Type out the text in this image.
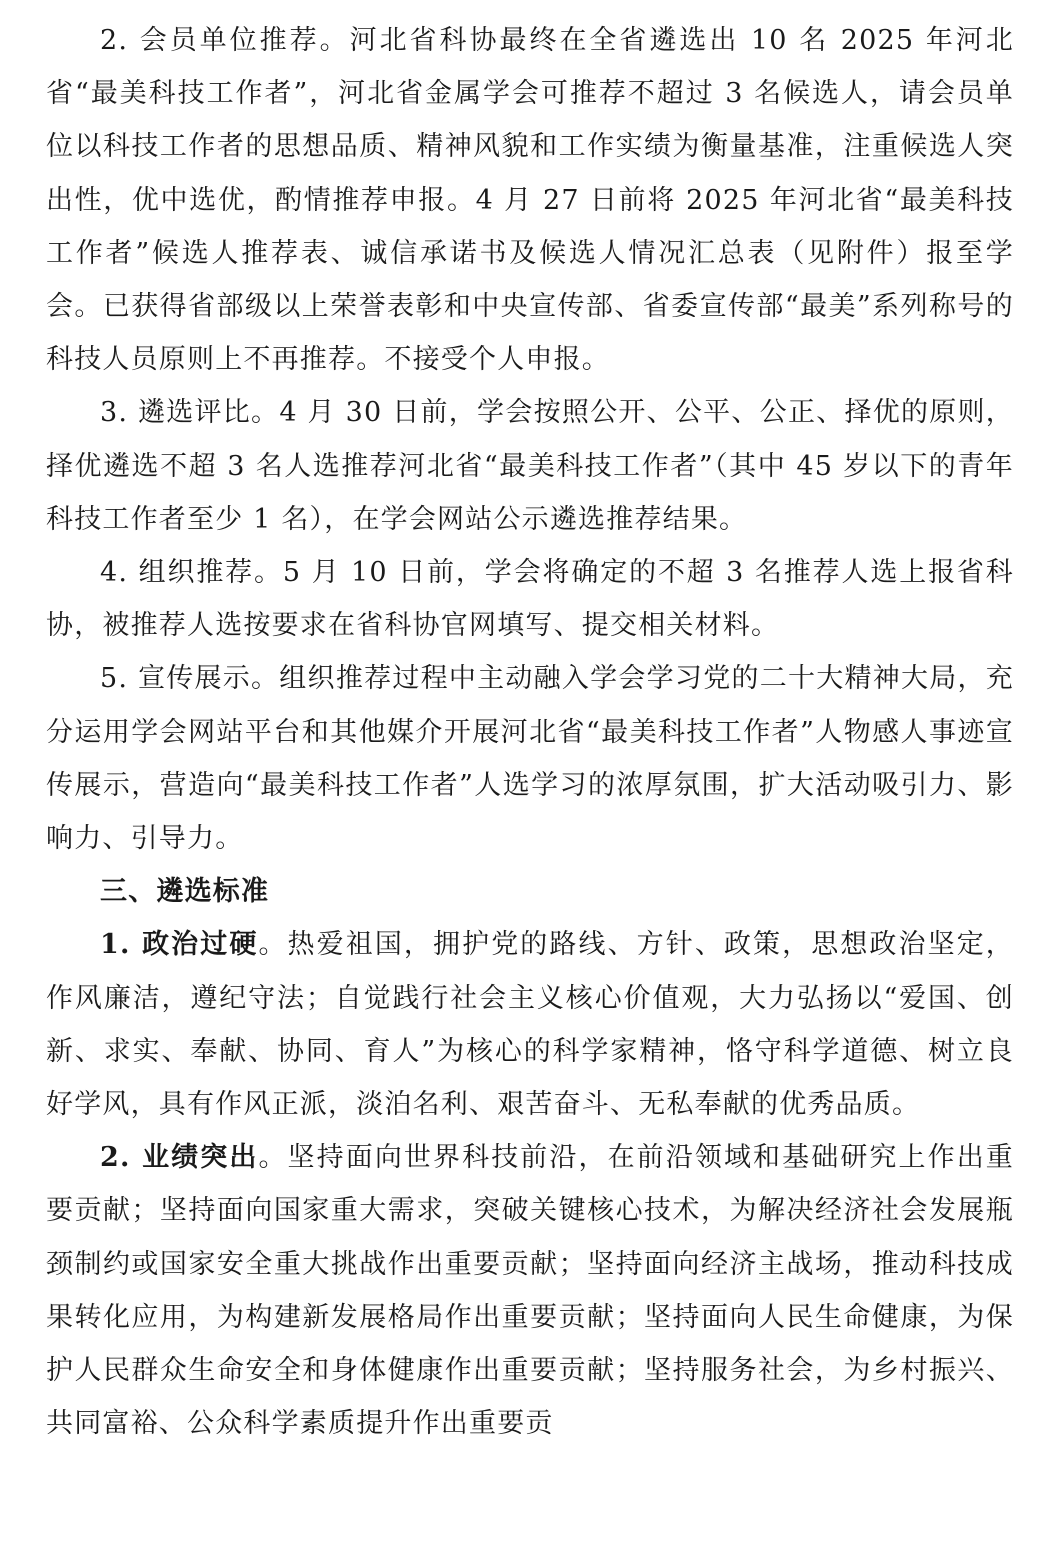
2. 会员单位推荐。河北省科协最终在全省遴选出 10 名 2025 年河北省“最美科技工作者”，河北省金属学会可推荐不超过 3 名候选人，请会员单位以科技工作者的思想品质、精神风貌和工作实绩为衡量基准，注重候选人突出性，优中选优，酌情推荐申报。4 月 27 日前将 2025 年河北省“最美科技工作者”候选人推荐表、诚信承诺书及候选人情况汇总表（见附件）报至学会。已获得省部级以上荣誉表彰和中央宣传部、省委宣传部“最美”系列称号的科技人员原则上不再推荐。不接受个人申报。

3. 遴选评比。4 月 30 日前，学会按照公开、公平、公正、择优的原则，择优遴选不超 3 名人选推荐河北省“最美科技工作者”（其中 45 岁以下的青年科技工作者至少 1 名），在学会网站公示遴选推荐结果。

4. 组织推荐。5 月 10 日前，学会将确定的不超 3 名推荐人选上报省科协，被推荐人选按要求在省科协官网填写、提交相关材料。

5. 宣传展示。组织推荐过程中主动融入学会学习党的二十大精神大局，充分运用学会网站平台和其他媒介开展河北省“最美科技工作者”人物感人事迹宣传展示，营造向“最美科技工作者”人选学习的浓厚氛围，扩大活动吸引力、影响力、引导力。

三、遴选标准

1. 政治过硬。热爱祖国，拥护党的路线、方针、政策，思想政治坚定，作风廉洁，遵纪守法；自觉践行社会主义核心价值观，大力弘扬以“爱国、创新、求实、奉献、协同、育人”为核心的科学家精神，恪守科学道德、树立良好学风，具有作风正派，淡泊名利、艰苦奋斗、无私奉献的优秀品质。

2. 业绩突出。坚持面向世界科技前沿，在前沿领域和基础研究上作出重要贡献；坚持面向国家重大需求，突破关键核心技术，为解决经济社会发展瓶颈制约或国家安全重大挑战作出重要贡献；坚持面向经济主战场，推动科技成果转化应用，为构建新发展格局作出重要贡献；坚持面向人民生命健康，为保护人民群众生命安全和身体健康作出重要贡献；坚持服务社会，为乡村振兴、共同富裕、公众科学素质提升作出重要贡
